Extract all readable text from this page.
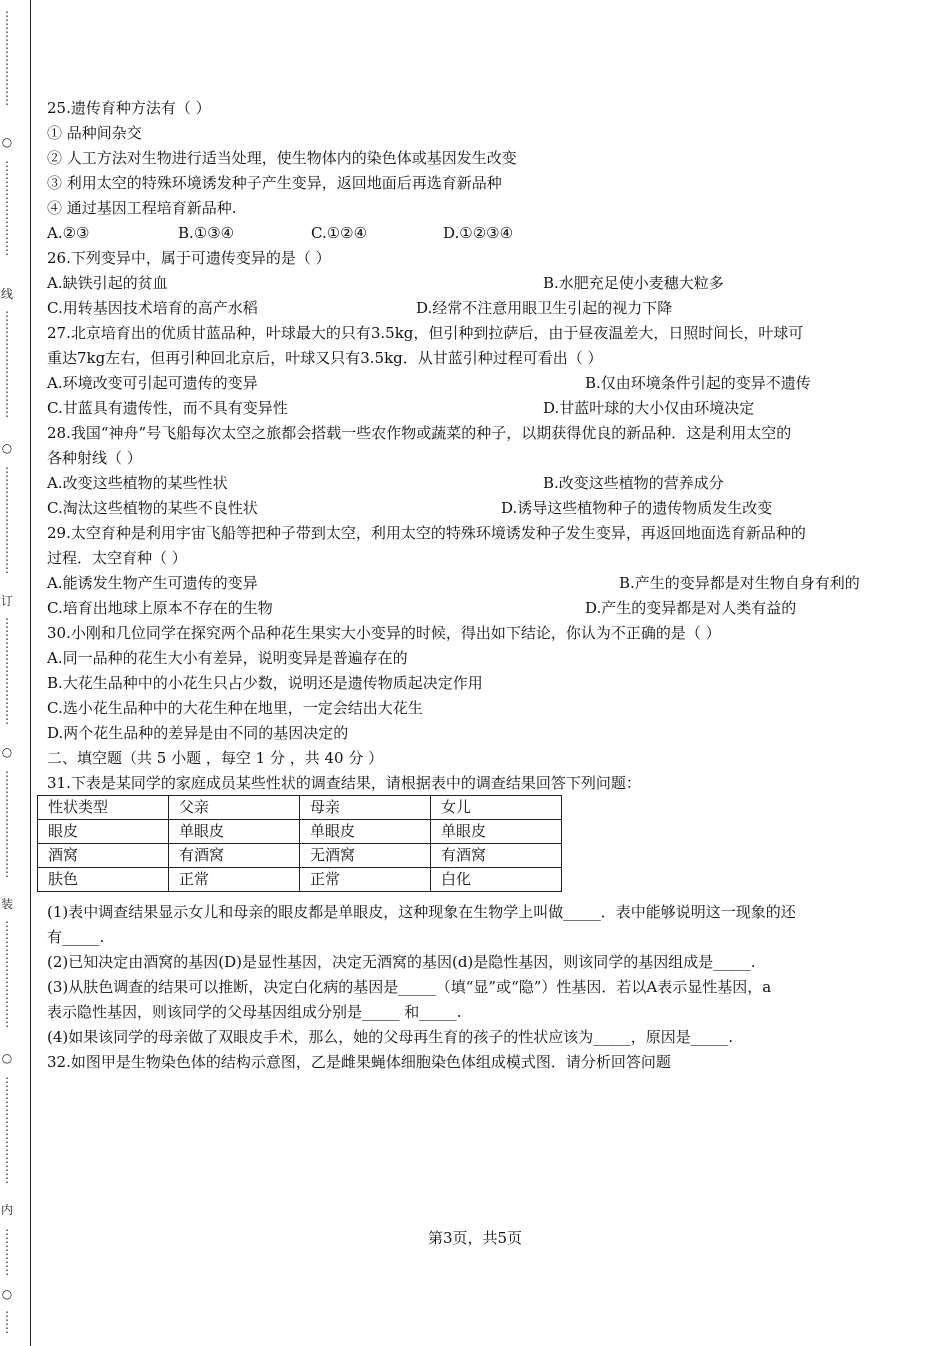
⋮
⋮
⋮
⋮
⋮
⋮
⋮
⋮
○
⋮
⋮
⋮
⋮
⋮
⋮
⋮
⋮
线
⋮
⋮
⋮
⋮
⋮
⋮
⋮
⋮
⋮
○
⋮
⋮
⋮
⋮
⋮
⋮
⋮
⋮
⋮
订
⋮
⋮
⋮
⋮
⋮
⋮
⋮
⋮
⋮
○
⋮
⋮
⋮
⋮
⋮
⋮
⋮
⋮
⋮
装
⋮
⋮
⋮
⋮
⋮
⋮
⋮
⋮
⋮
○
⋮
⋮
⋮
⋮
⋮
⋮
⋮
⋮
⋮
内
⋮
⋮
⋮
⋮
○
⋮
⋮
25.遗传育种方法有（ ）
① 品种间杂交
② 人工方法对生物进行适当处理，使生物体内的染色体或基因发生改变
③ 利用太空的特殊环境诱发种子产生变异，返回地面后再选育新品种
④ 通过基因工程培育新品种.
A.②③	B.①③④	C.①②④	D.①②③④
26.下列变异中，属于可遗传变异的是（ ）
A.缺铁引起的贫血	B.水肥充足使小麦穗大粒多
C.用转基因技术培育的高产水稻	D.经常不注意用眼卫生引起的视力下降
27.北京培育出的优质甘蓝品种，叶球最大的只有3.5kg，但引种到拉萨后，由于昼夜温差大，日照时间长，叶球可
重达7kg左右，但再引种回北京后，叶球又只有3.5kg．从甘蓝引种过程可看出（ ）
A.环境改变可引起可遗传的变异	B.仅由环境条件引起的变异不遗传
C.甘蓝具有遗传性，而不具有变异性	D.甘蓝叶球的大小仅由环境决定
28.我国“神舟”号飞船每次太空之旅都会搭载一些农作物或蔬菜的种子，以期获得优良的新品种．这是利用太空的
各种射线（ ）
A.改变这些植物的某些性状	B.改变这些植物的营养成分
C.淘汰这些植物的某些不良性状	D.诱导这些植物种子的遗传物质发生改变
29.太空育种是利用宇宙飞船等把种子带到太空，利用太空的特殊环境诱发种子发生变异，再返回地面选育新品种的
过程．太空育种（ ）
A.能诱发生物产生可遗传的变异	B.产生的变异都是对生物自身有利的
C.培育出地球上原本不存在的生物	D.产生的变异都是对人类有益的
30.小刚和几位同学在探究两个品种花生果实大小变异的时候，得出如下结论，你认为不正确的是（ ）
A.同一品种的花生大小有差异，说明变异是普遍存在的
B.大花生品种中的小花生只占少数，说明还是遗传物质起决定作用
C.选小花生品种中的大花生种在地里，一定会结出大花生
D.两个花生品种的差异是由不同的基因决定的
二、填空题（共 5 小题 ，每空 1 分 ，共 40 分 ）
31.下表是某同学的家庭成员某些性状的调查结果，请根据表中的调查结果回答下列问题：
性状类型	父亲	母亲	女儿
眼皮	单眼皮	单眼皮	单眼皮
酒窝	有酒窝	无酒窝	有酒窝
肤色	正常	正常	白化
(1)表中调查结果显示女儿和母亲的眼皮都是单眼皮，这种现象在生物学上叫做_____．表中能够说明这一现象的还
有_____.
(2)已知决定由酒窝的基因(D)是显性基因，决定无酒窝的基因(d)是隐性基因，则该同学的基因组成是_____.
(3)从肤色调查的结果可以推断，决定白化病的基因是_____（填“显”或“隐”）性基因．若以A表示显性基因，a
表示隐性基因，则该同学的父母基因组成分别是_____ 和_____.
(4)如果该同学的母亲做了双眼皮手术，那么，她的父母再生育的孩子的性状应该为_____，原因是_____.
32.如图甲是生物染色体的结构示意图，乙是雌果蝇体细胞染色体组成模式图．请分析回答问题
第3页，共5页
